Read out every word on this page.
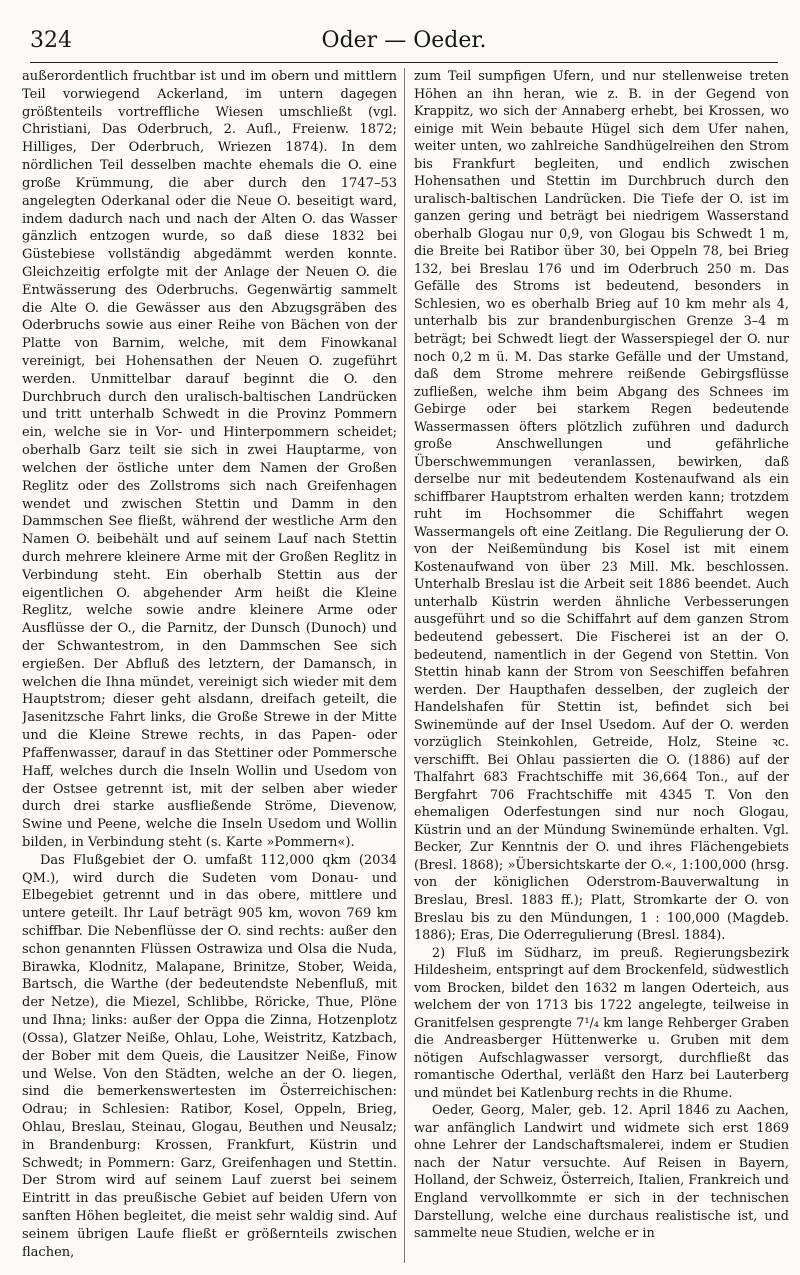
324	Oder — Oeder.

außerordentlich fruchtbar ist und im obern und mittlern Teil vorwiegend Ackerland, im untern dagegen größtenteils vortreffliche Wiesen umschließt (vgl. Christiani, Das Oderbruch, 2. Aufl., Freienw. 1872; Hilliges, Der Oderbruch, Wriezen 1874). In dem nördlichen Teil desselben machte ehemals die O. eine große Krümmung, die aber durch den 1747–53 angelegten Oderkanal oder die Neue O. beseitigt ward, indem dadurch nach und nach der Alten O. das Wasser gänzlich entzogen wurde, so daß diese 1832 bei Güstebiese vollständig abgedämmt werden konnte. Gleichzeitig erfolgte mit der Anlage der Neuen O. die Entwässerung des Oderbruchs. Gegenwärtig sammelt die Alte O. die Gewässer aus den Abzugsgräben des Oderbruchs sowie aus einer Reihe von Bächen von der Platte von Barnim, welche, mit dem Finowkanal vereinigt, bei Hohensathen der Neuen O. zugeführt werden. Unmittelbar darauf beginnt die O. den Durchbruch durch den uralisch-baltischen Landrücken und tritt unterhalb Schwedt in die Provinz Pommern ein, welche sie in Vor- und Hinterpommern scheidet; oberhalb Garz teilt sie sich in zwei Hauptarme, von welchen der östliche unter dem Namen der Großen Reglitz oder des Zollstroms sich nach Greifenhagen wendet und zwischen Stettin und Damm in den Dammschen See fließt, während der westliche Arm den Namen O. beibehält und auf seinem Lauf nach Stettin durch mehrere kleinere Arme mit der Großen Reglitz in Verbindung steht. Ein oberhalb Stettin aus der eigentlichen O. abgehender Arm heißt die Kleine Reglitz, welche sowie andre kleinere Arme oder Ausflüsse der O., die Parnitz, der Dunsch (Dunoch) und der Schwantestrom, in den Dammschen See sich ergießen. Der Abfluß des letztern, der Damansch, in welchen die Ihna mündet, vereinigt sich wieder mit dem Hauptstrom; dieser geht alsdann, dreifach geteilt, die Jasenitzsche Fahrt links, die Große Strewe in der Mitte und die Kleine Strewe rechts, in das Papen- oder Pfaffenwasser, darauf in das Stettiner oder Pommersche Haff, welches durch die Inseln Wollin und Usedom von der Ostsee getrennt ist, mit der selben aber wieder durch drei starke ausfließende Ströme, Dievenow, Swine und Peene, welche die Inseln Usedom und Wollin bilden, in Verbindung steht (s. Karte »Pommern«).

Das Flußgebiet der O. umfaßt 112,000 qkm (2034 QM.), wird durch die Sudeten vom Donau- und Elbegebiet getrennt und in das obere, mittlere und untere geteilt. Ihr Lauf beträgt 905 km, wovon 769 km schiffbar. Die Nebenflüsse der O. sind rechts: außer den schon genannten Flüssen Ostrawiza und Olsa die Nuda, Birawka, Klodnitz, Malapane, Brinitze, Stober, Weida, Bartsch, die Warthe (der bedeutendste Nebenfluß, mit der Netze), die Miezel, Schlibbe, Röricke, Thue, Plöne und Ihna; links: außer der Oppa die Zinna, Hotzenplotz (Ossa), Glatzer Neiße, Ohlau, Lohe, Weistritz, Katzbach, der Bober mit dem Queis, die Lausitzer Neiße, Finow und Welse. Von den Städten, welche an der O. liegen, sind die bemerkenswertesten im Österreichischen: Odrau; in Schlesien: Ratibor, Kosel, Oppeln, Brieg, Ohlau, Breslau, Steinau, Glogau, Beuthen und Neusalz; in Brandenburg: Krossen, Frankfurt, Küstrin und Schwedt; in Pommern: Garz, Greifenhagen und Stettin. Der Strom wird auf seinem Lauf zuerst bei seinem Eintritt in das preußische Gebiet auf beiden Ufern von sanften Höhen begleitet, die meist sehr waldig sind. Auf seinem übrigen Laufe fließt er größernteils zwischen flachen,

zum Teil sumpfigen Ufern, und nur stellenweise treten Höhen an ihn heran, wie z. B. in der Gegend von Krappitz, wo sich der Annaberg erhebt, bei Krossen, wo einige mit Wein bebaute Hügel sich dem Ufer nahen, weiter unten, wo zahlreiche Sandhügelreihen den Strom bis Frankfurt begleiten, und endlich zwischen Hohensathen und Stettin im Durchbruch durch den uralisch-baltischen Landrücken. Die Tiefe der O. ist im ganzen gering und beträgt bei niedrigem Wasserstand oberhalb Glogau nur 0,9, von Glogau bis Schwedt 1 m, die Breite bei Ratibor über 30, bei Oppeln 78, bei Brieg 132, bei Breslau 176 und im Oderbruch 250 m. Das Gefälle des Stroms ist bedeutend, besonders in Schlesien, wo es oberhalb Brieg auf 10 km mehr als 4, unterhalb bis zur brandenburgischen Grenze 3–4 m beträgt; bei Schwedt liegt der Wasserspiegel der O. nur noch 0,2 m ü. M. Das starke Gefälle und der Umstand, daß dem Strome mehrere reißende Gebirgsflüsse zufließen, welche ihm beim Abgang des Schnees im Gebirge oder bei starkem Regen bedeutende Wassermassen öfters plötzlich zuführen und dadurch große Anschwellungen und gefährliche Überschwemmungen veranlassen, bewirken, daß derselbe nur mit bedeutendem Kostenaufwand als ein schiffbarer Hauptstrom erhalten werden kann; trotzdem ruht im Hochsommer die Schiffahrt wegen Wassermangels oft eine Zeitlang. Die Regulierung der O. von der Neißemündung bis Kosel ist mit einem Kostenaufwand von über 23 Mill. Mk. beschlossen. Unterhalb Breslau ist die Arbeit seit 1886 beendet. Auch unterhalb Küstrin werden ähnliche Verbesserungen ausgeführt und so die Schiffahrt auf dem ganzen Strom bedeutend gebessert. Die Fischerei ist an der O. bedeutend, namentlich in der Gegend von Stettin. Von Stettin hinab kann der Strom von Seeschiffen befahren werden. Der Haupthafen desselben, der zugleich der Handelshafen für Stettin ist, befindet sich bei Swinemünde auf der Insel Usedom. Auf der O. werden vorzüglich Steinkohlen, Getreide, Holz, Steine ꝛc. verschifft. Bei Ohlau passierten die O. (1886) auf der Thalfahrt 683 Frachtschiffe mit 36,664 Ton., auf der Bergfahrt 706 Frachtschiffe mit 4345 T. Von den ehemaligen Oderfestungen sind nur noch Glogau, Küstrin und an der Mündung Swinemünde erhalten. Vgl. Becker, Zur Kenntnis der O. und ihres Flächengebiets (Bresl. 1868); »Übersichtskarte der O.«, 1:100,000 (hrsg. von der königlichen Oderstrom-Bauverwaltung in Breslau, Bresl. 1883 ff.); Platt, Stromkarte der O. von Breslau bis zu den Mündungen, 1 : 100,000 (Magdeb. 1886); Eras, Die Oderregulierung (Bresl. 1884).

2) Fluß im Südharz, im preuß. Regierungsbezirk Hildesheim, entspringt auf dem Brockenfeld, südwestlich vom Brocken, bildet den 1632 m langen Oderteich, aus welchem der von 1713 bis 1722 angelegte, teilweise in Granitfelsen gesprengte 7¹/₄ km lange Rehberger Graben die Andreasberger Hüttenwerke u. Gruben mit dem nötigen Aufschlagwasser versorgt, durchfließt das romantische Oderthal, verläßt den Harz bei Lauterberg und mündet bei Katlenburg rechts in die Rhume.

Oeder, Georg, Maler, geb. 12. April 1846 zu Aachen, war anfänglich Landwirt und widmete sich erst 1869 ohne Lehrer der Landschaftsmalerei, indem er Studien nach der Natur versuchte. Auf Reisen in Bayern, Holland, der Schweiz, Österreich, Italien, Frankreich und England vervollkommte er sich in der technischen Darstellung, welche eine durchaus realistische ist, und sammelte neue Studien, welche er in
